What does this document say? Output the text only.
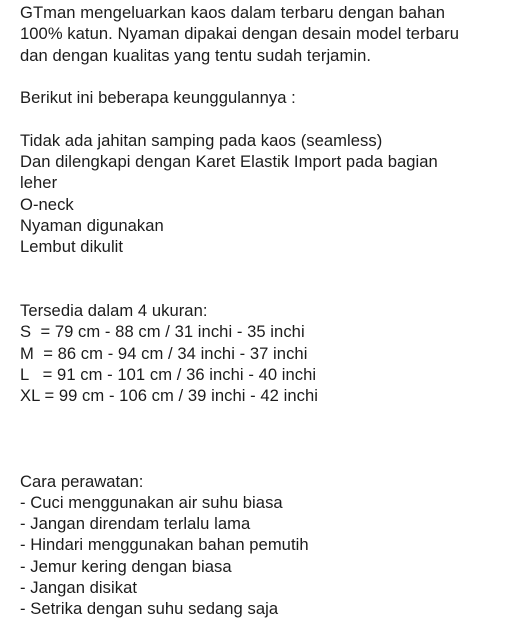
GTman mengeluarkan kaos dalam terbaru dengan bahan
100% katun. Nyaman dipakai dengan desain model terbaru
dan dengan kualitas yang tentu sudah terjamin.
Berikut ini beberapa keunggulannya :
Tidak ada jahitan samping pada kaos (seamless)
Dan dilengkapi dengan Karet Elastik Import pada bagian
leher
O-neck
Nyaman digunakan
Lembut dikulit
Tersedia dalam 4 ukuran:
S  = 79 cm - 88 cm / 31 inchi - 35 inchi
M  = 86 cm - 94 cm / 34 inchi - 37 inchi
L   = 91 cm - 101 cm / 36 inchi - 40 inchi
XL = 99 cm - 106 cm / 39 inchi - 42 inchi
Cara perawatan:
- Cuci menggunakan air suhu biasa
- Jangan direndam terlalu lama
- Hindari menggunakan bahan pemutih
- Jemur kering dengan biasa
- Jangan disikat
- Setrika dengan suhu sedang saja
